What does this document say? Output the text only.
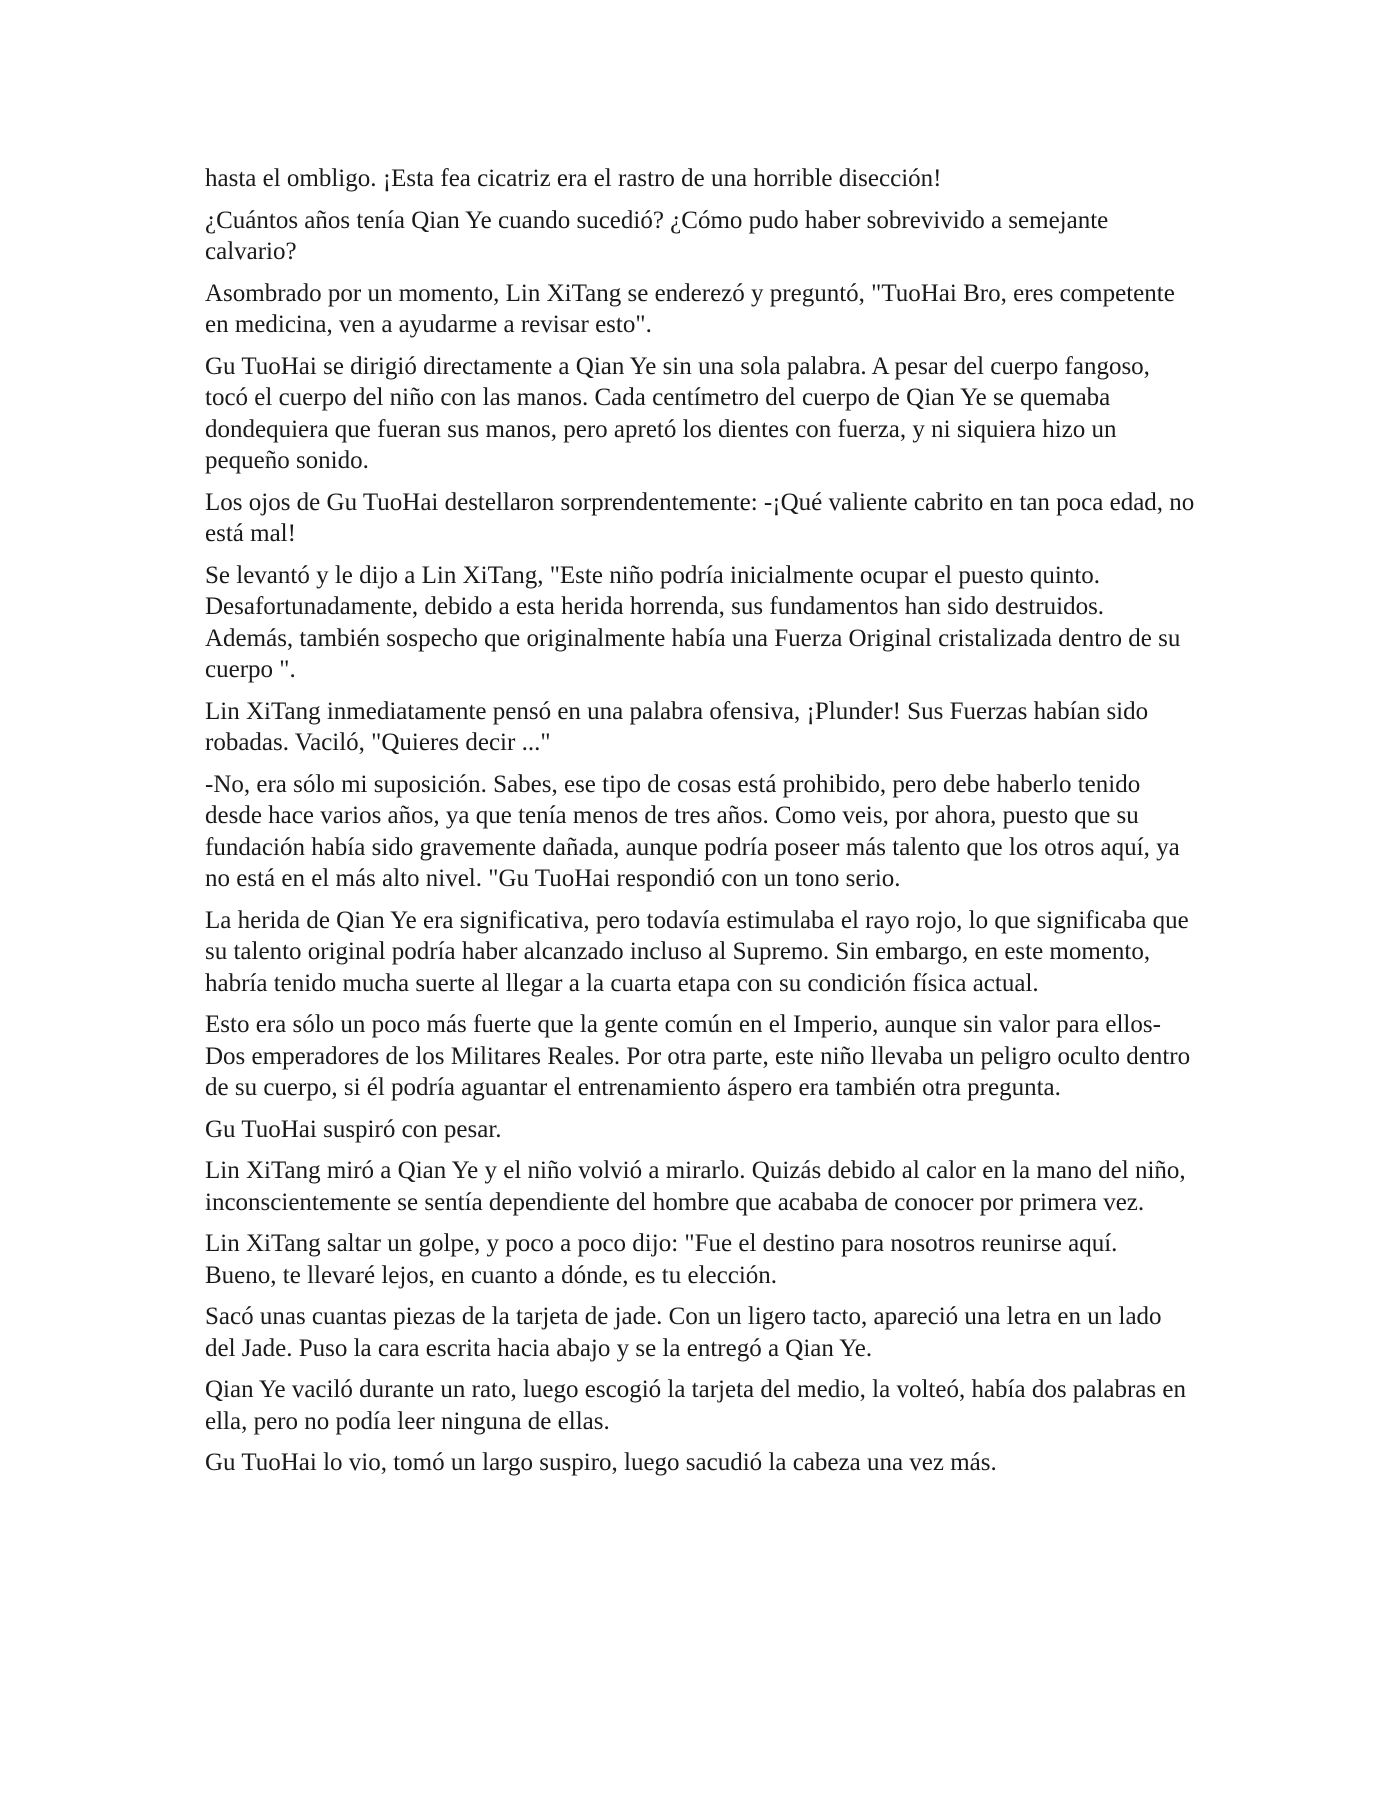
hasta el ombligo. ¡Esta fea cicatriz era el rastro de una horrible disección!

¿Cuántos años tenía Qian Ye cuando sucedió? ¿Cómo pudo haber sobrevivido a semejante calvario?

Asombrado por un momento, Lin XiTang se enderezó y preguntó, "TuoHai Bro, eres competente en medicina, ven a ayudarme a revisar esto".

Gu TuoHai se dirigió directamente a Qian Ye sin una sola palabra. A pesar del cuerpo fangoso, tocó el cuerpo del niño con las manos. Cada centímetro del cuerpo de Qian Ye se quemaba dondequiera que fueran sus manos, pero apretó los dientes con fuerza, y ni siquiera hizo un pequeño sonido.

Los ojos de Gu TuoHai destellaron sorprendentemente: -¡Qué valiente cabrito en tan poca edad, no está mal!

Se levantó y le dijo a Lin XiTang, "Este niño podría inicialmente ocupar el puesto quinto. Desafortunadamente, debido a esta herida horrenda, sus fundamentos han sido destruidos. Además, también sospecho que originalmente había una Fuerza Original cristalizada dentro de su cuerpo ".

Lin XiTang inmediatamente pensó en una palabra ofensiva, ¡Plunder! Sus Fuerzas habían sido robadas. Vaciló, "Quieres decir ..."

-No, era sólo mi suposición. Sabes, ese tipo de cosas está prohibido, pero debe haberlo tenido desde hace varios años, ya que tenía menos de tres años. Como veis, por ahora, puesto que su fundación había sido gravemente dañada, aunque podría poseer más talento que los otros aquí, ya no está en el más alto nivel. "Gu TuoHai respondió con un tono serio.

La herida de Qian Ye era significativa, pero todavía estimulaba el rayo rojo, lo que significaba que su talento original podría haber alcanzado incluso al Supremo. Sin embargo, en este momento, habría tenido mucha suerte al llegar a la cuarta etapa con su condición física actual.

Esto era sólo un poco más fuerte que la gente común en el Imperio, aunque sin valor para ellos-Dos emperadores de los Militares Reales. Por otra parte, este niño llevaba un peligro oculto dentro de su cuerpo, si él podría aguantar el entrenamiento áspero era también otra pregunta.

Gu TuoHai suspiró con pesar.

Lin XiTang miró a Qian Ye y el niño volvió a mirarlo. Quizás debido al calor en la mano del niño, inconscientemente se sentía dependiente del hombre que acababa de conocer por primera vez.

Lin XiTang saltar un golpe, y poco a poco dijo: "Fue el destino para nosotros reunirse aquí. Bueno, te llevaré lejos, en cuanto a dónde, es tu elección.

Sacó unas cuantas piezas de la tarjeta de jade. Con un ligero tacto, apareció una letra en un lado del Jade. Puso la cara escrita hacia abajo y se la entregó a Qian Ye.

Qian Ye vaciló durante un rato, luego escogió la tarjeta del medio, la volteó, había dos palabras en ella, pero no podía leer ninguna de ellas.

Gu TuoHai lo vio, tomó un largo suspiro, luego sacudió la cabeza una vez más.
